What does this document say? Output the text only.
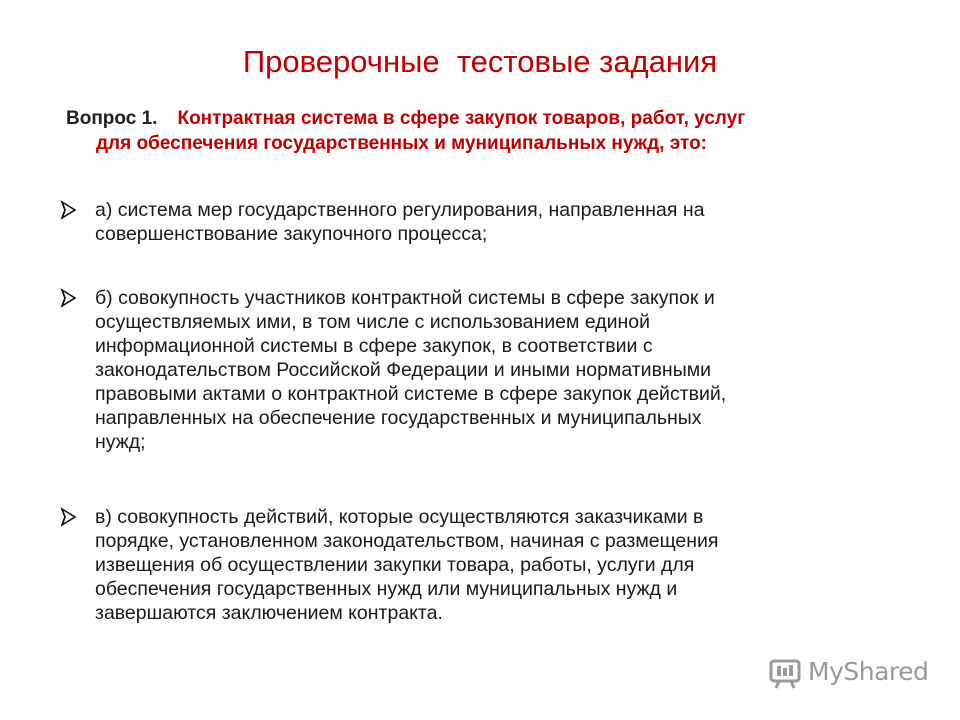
Проверочные  тестовые задания
Вопрос 1. Контрактная система в сфере закупок товаров, работ, услуг
для обеспечения государственных и муниципальных нужд, это:
а) система мер государственного регулирования, направленная на
совершенствование закупочного процесса;
б) совокупность участников контрактной системы в сфере закупок и
осуществляемых ими, в том числе с использованием единой
информационной системы в сфере закупок, в соответствии с
законодательством Российской Федерации и иными нормативными
правовыми актами о контрактной системе в сфере закупок действий,
направленных на обеспечение государственных и муниципальных
нужд;
в) совокупность действий, которые осуществляются заказчиками в
порядке, установленном законодательством, начиная с размещения
извещения об осуществлении закупки товара, работы, услуги для
обеспечения государственных нужд или муниципальных нужд и
завершаются заключением контракта.
MyShared
